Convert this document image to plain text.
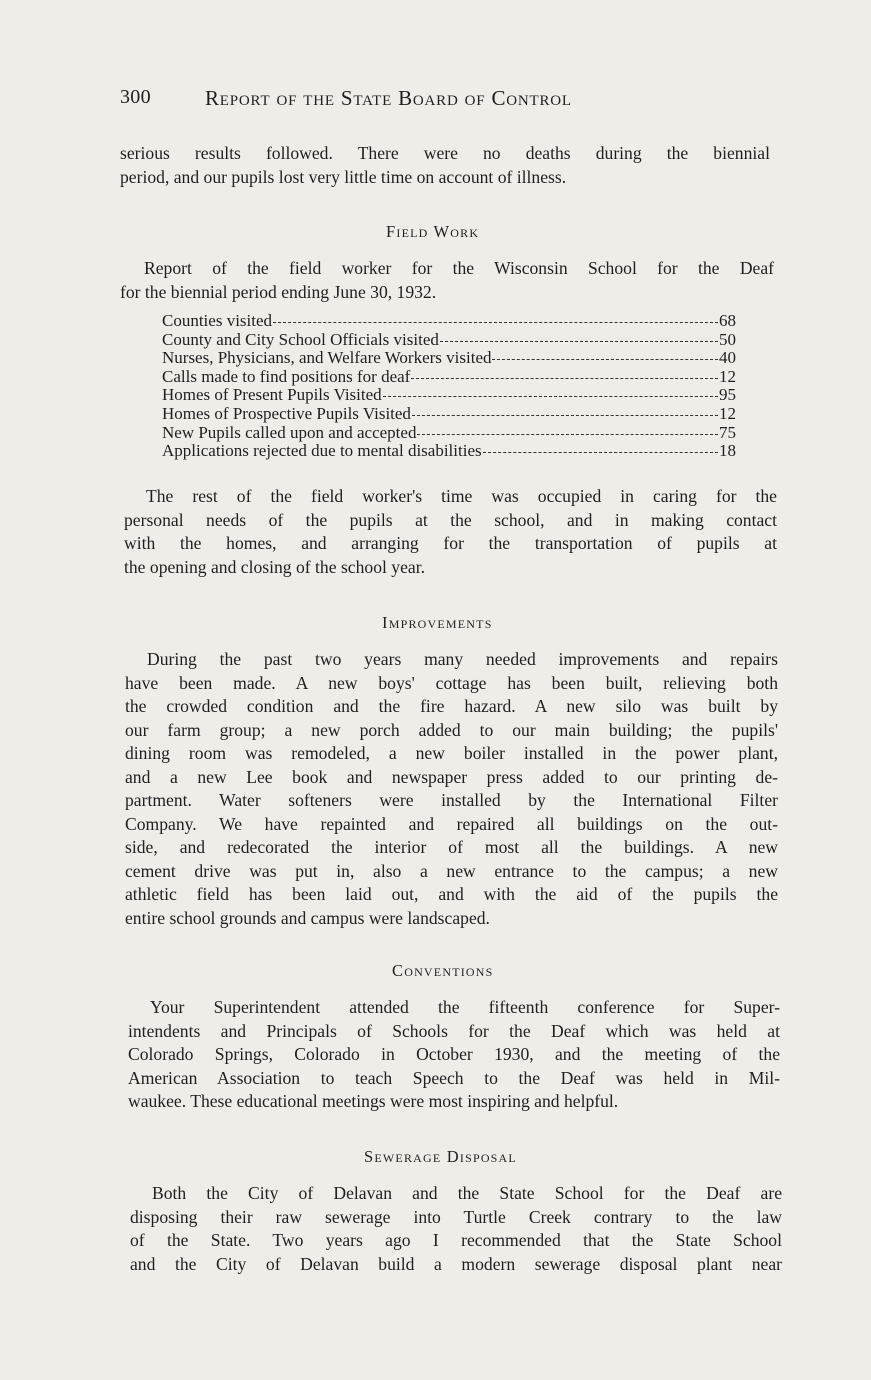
300	Report of the State Board of Control
serious results followed. There were no deaths during the biennial
period, and our pupils lost very little time on account of illness.
Field Work
Report of the field worker for the Wisconsin School for the Deaf
for the biennial period ending June 30, 1932.
Counties visited	68
County and City School Officials visited	50
Nurses, Physicians, and Welfare Workers visited	40
Calls made to find positions for deaf	12
Homes of Present Pupils Visited	95
Homes of Prospective Pupils Visited	12
New Pupils called upon and accepted	75
Applications rejected due to mental disabilities	18
The rest of the field worker's time was occupied in caring for the
personal needs of the pupils at the school, and in making contact
with the homes, and arranging for the transportation of pupils at
the opening and closing of the school year.
Improvements
During the past two years many needed improvements and repairs
have been made. A new boys' cottage has been built, relieving both
the crowded condition and the fire hazard. A new silo was built by
our farm group; a new porch added to our main building; the pupils'
dining room was remodeled, a new boiler installed in the power plant,
and a new Lee book and newspaper press added to our printing de-
partment. Water softeners were installed by the International Filter
Company. We have repainted and repaired all buildings on the out-
side, and redecorated the interior of most all the buildings. A new
cement drive was put in, also a new entrance to the campus; a new
athletic field has been laid out, and with the aid of the pupils the
entire school grounds and campus were landscaped.
Conventions
Your Superintendent attended the fifteenth conference for Super-
intendents and Principals of Schools for the Deaf which was held at
Colorado Springs, Colorado in October 1930, and the meeting of the
American Association to teach Speech to the Deaf was held in Mil-
waukee. These educational meetings were most inspiring and helpful.
Sewerage Disposal
Both the City of Delavan and the State School for the Deaf are
disposing their raw sewerage into Turtle Creek contrary to the law
of the State. Two years ago I recommended that the State School
and the City of Delavan build a modern sewerage disposal plant near
